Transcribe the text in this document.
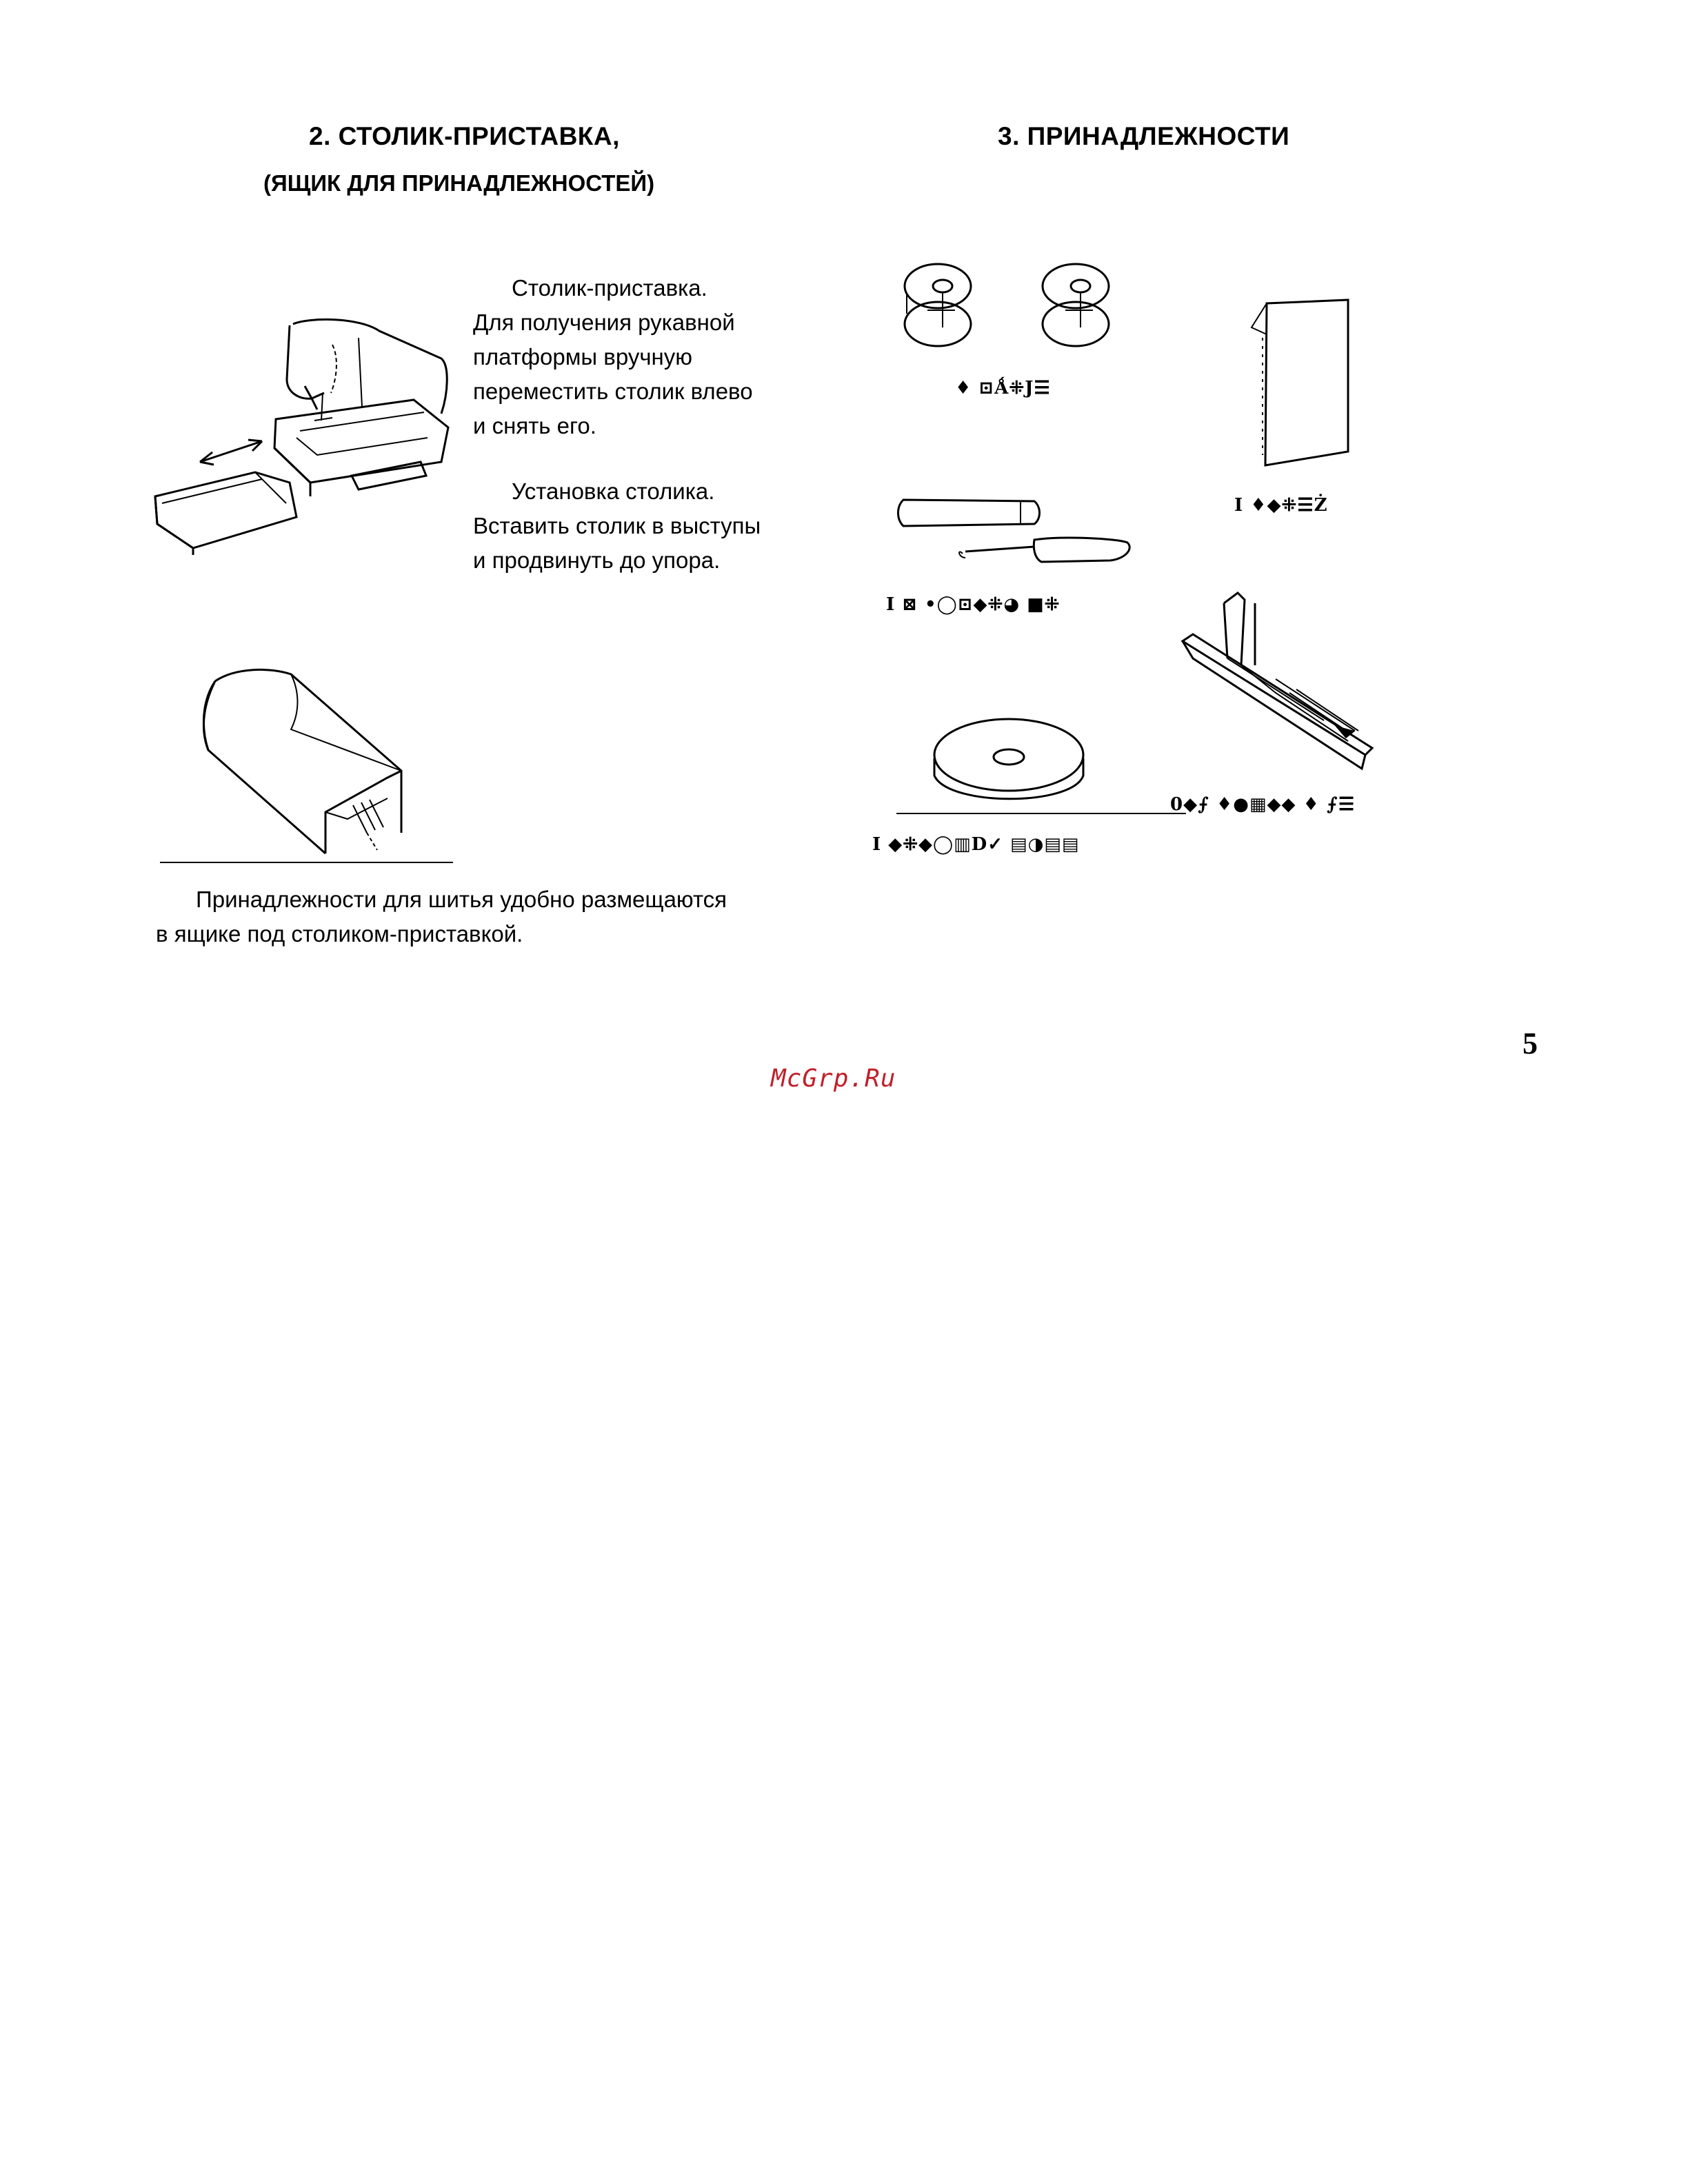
2. СТОЛИК-ПРИСТАВКА,
(ЯЩИК ДЛЯ ПРИНАДЛЕЖНОСТЕЙ)
3. ПРИНАДЛЕЖНОСТИ

Столик-приставка.

Для получения рукавной

платформы вручную

переместить столик влево

и снять его.

Установка столика.

Вставить столик в выступы

и продвинуть до упора.

Принадлежности для шитья удобно размещаются

в ящике под столиком-приставкой.

♦ ⊡Ǻ⁜J☰
I ♦◆⁜☰Ż
I ⊠ •◯⊡◆⁜◕ ■⁜
0◆⨍ ♦●▦◆◆ ♦ ⨍☰
I ◆⁜◆◯▥D✓ ▤◑▤▤
5
McGrp.Ru
